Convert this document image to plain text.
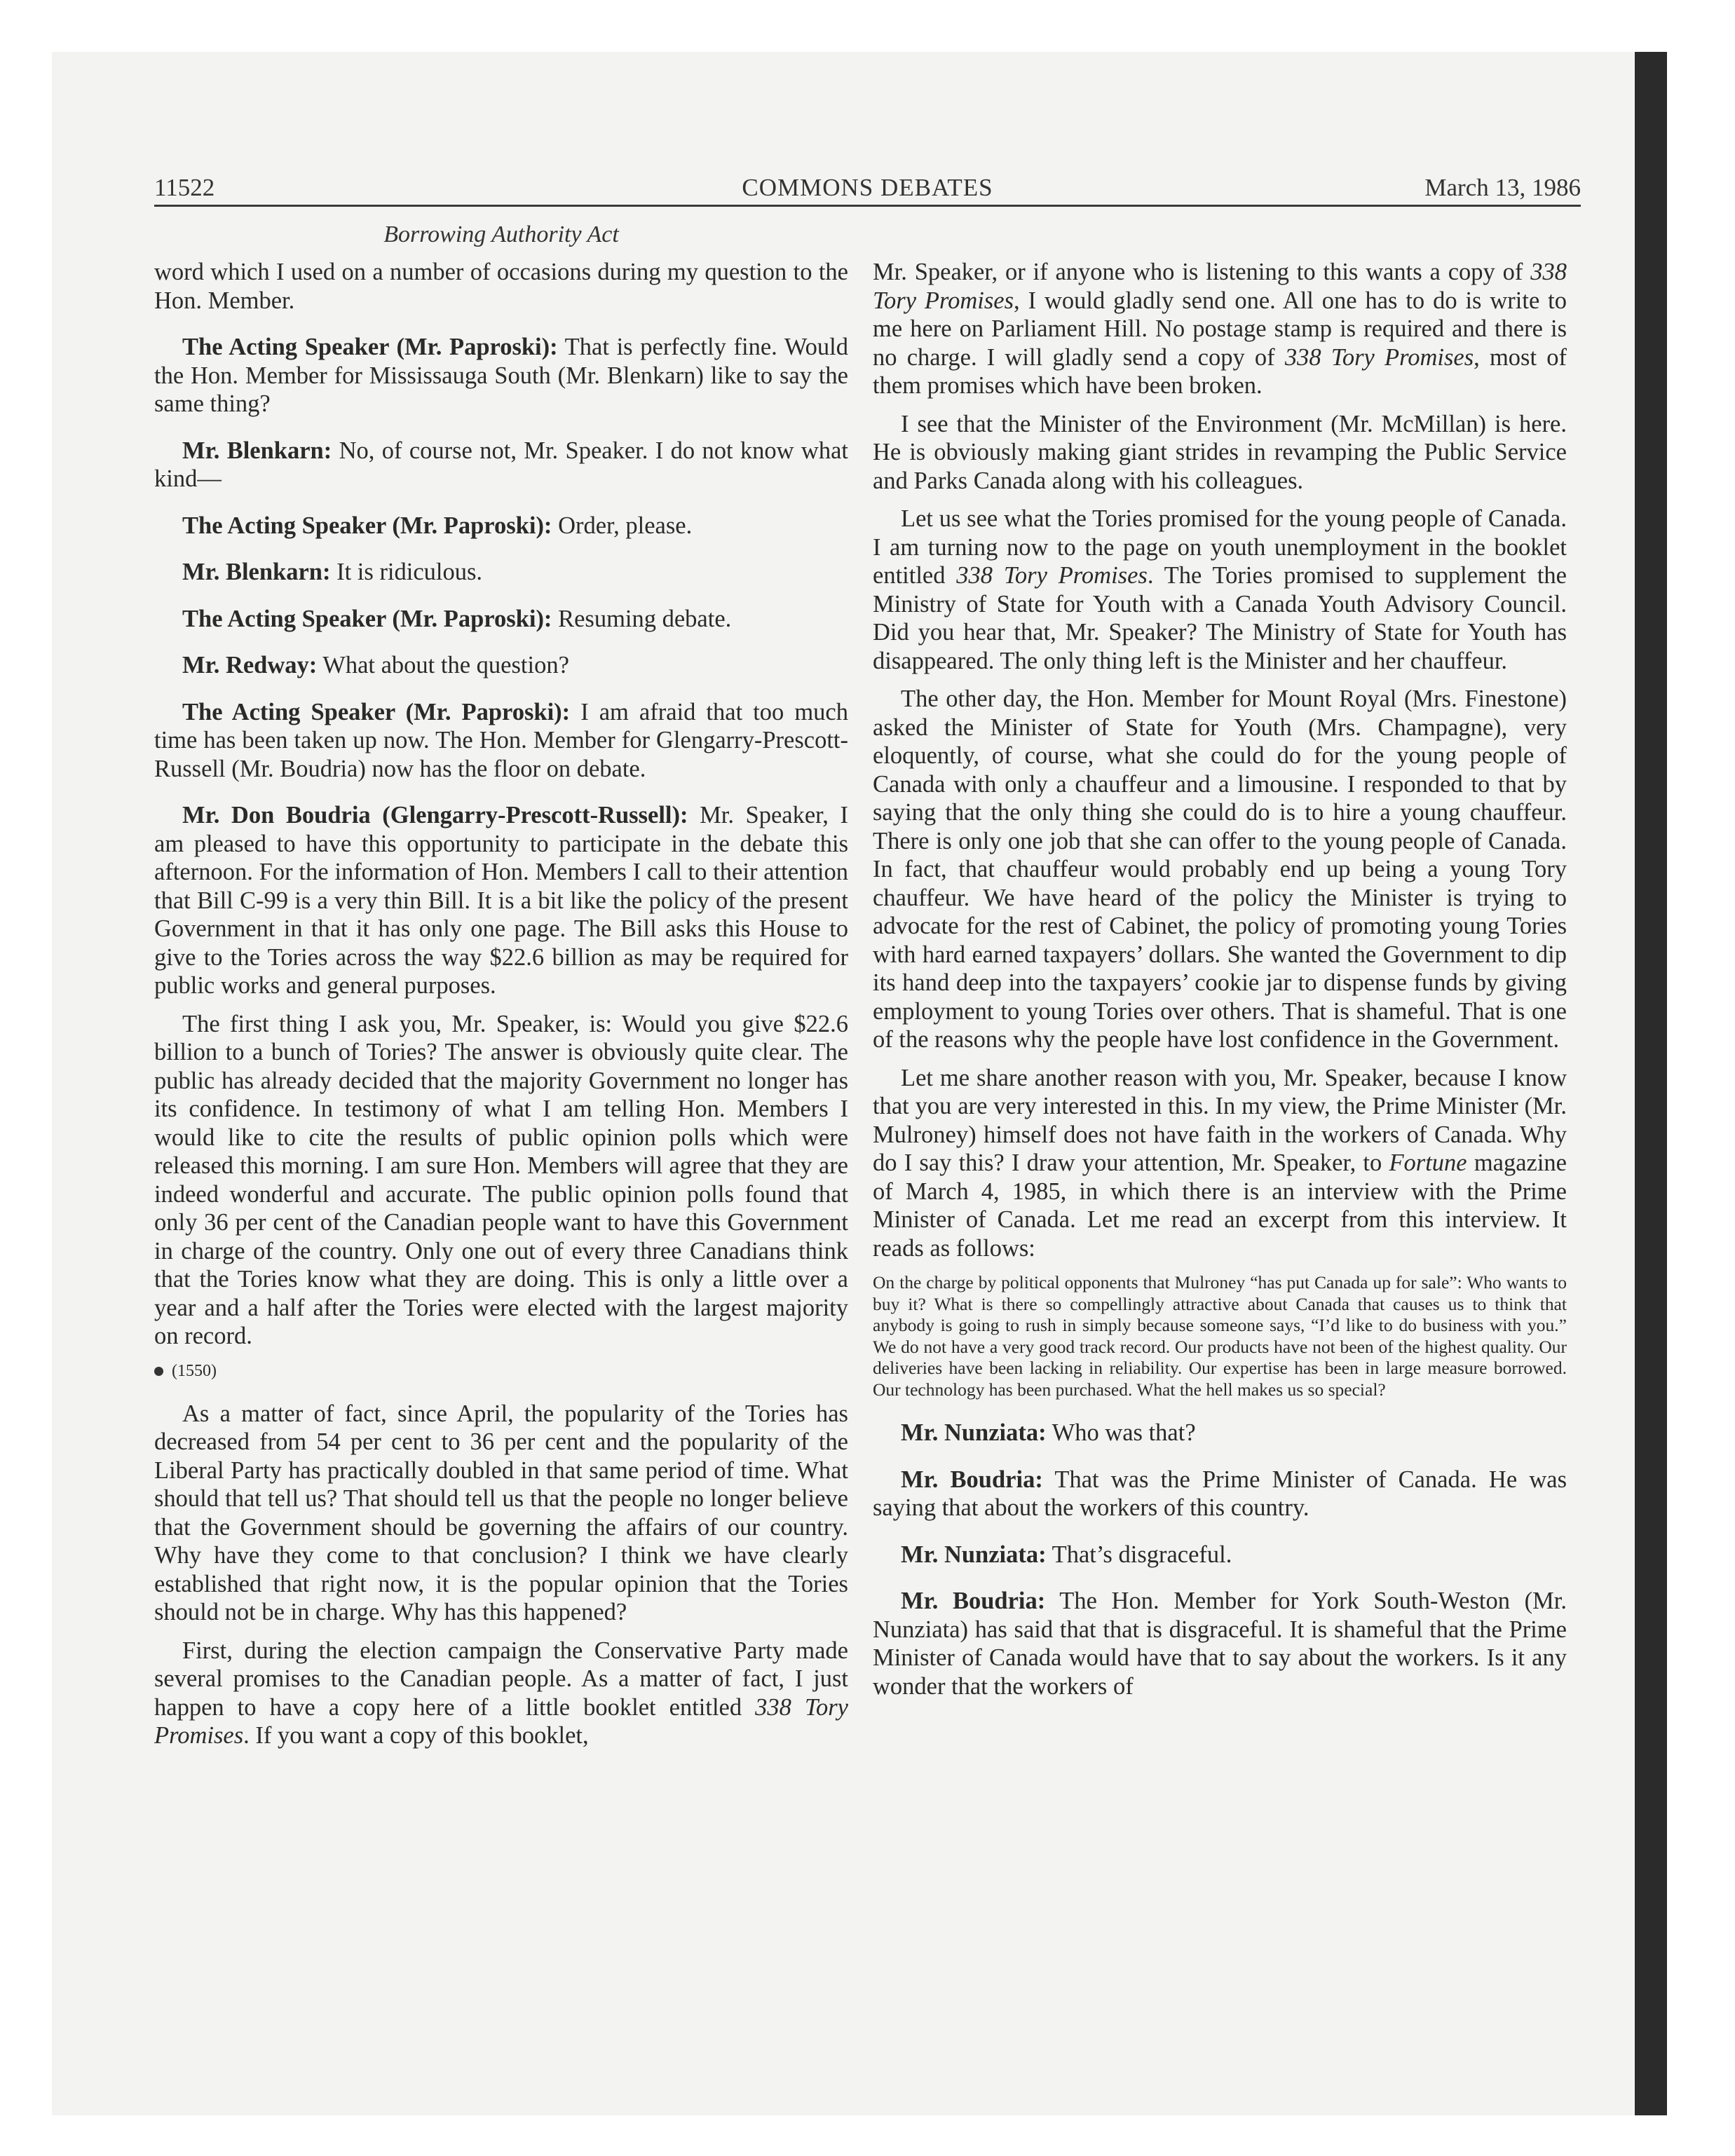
11522	COMMONS DEBATES	March 13, 1986
Borrowing Authority Act

word which I used on a number of occasions during my question to the Hon. Member.

The Acting Speaker (Mr. Paproski): That is perfectly fine. Would the Hon. Member for Mississauga South (Mr. Blenkarn) like to say the same thing?

Mr. Blenkarn: No, of course not, Mr. Speaker. I do not know what kind—

The Acting Speaker (Mr. Paproski): Order, please.

Mr. Blenkarn: It is ridiculous.

The Acting Speaker (Mr. Paproski): Resuming debate.

Mr. Redway: What about the question?

The Acting Speaker (Mr. Paproski): I am afraid that too much time has been taken up now. The Hon. Member for Glengarry-Prescott-Russell (Mr. Boudria) now has the floor on debate.

Mr. Don Boudria (Glengarry-Prescott-Russell): Mr. Speaker, I am pleased to have this opportunity to participate in the debate this afternoon. For the information of Hon. Members I call to their attention that Bill C-99 is a very thin Bill. It is a bit like the policy of the present Government in that it has only one page. The Bill asks this House to give to the Tories across the way $22.6 billion as may be required for public works and general purposes.

The first thing I ask you, Mr. Speaker, is: Would you give $22.6 billion to a bunch of Tories? The answer is obviously quite clear. The public has already decided that the majority Government no longer has its confidence. In testimony of what I am telling Hon. Members I would like to cite the results of public opinion polls which were released this morning. I am sure Hon. Members will agree that they are indeed wonderful and accurate. The public opinion polls found that only 36 per cent of the Canadian people want to have this Government in charge of the country. Only one out of every three Canadians think that the Tories know what they are doing. This is only a little over a year and a half after the Tories were elected with the largest majority on record.

(1550)

As a matter of fact, since April, the popularity of the Tories has decreased from 54 per cent to 36 per cent and the popularity of the Liberal Party has practically doubled in that same period of time. What should that tell us? That should tell us that the people no longer believe that the Government should be governing the affairs of our country. Why have they come to that conclusion? I think we have clearly established that right now, it is the popular opinion that the Tories should not be in charge. Why has this happened?

First, during the election campaign the Conservative Party made several promises to the Canadian people. As a matter of fact, I just happen to have a copy here of a little booklet entitled 338 Tory Promises. If you want a copy of this booklet,

Mr. Speaker, or if anyone who is listening to this wants a copy of 338 Tory Promises, I would gladly send one. All one has to do is write to me here on Parliament Hill. No postage stamp is required and there is no charge. I will gladly send a copy of 338 Tory Promises, most of them promises which have been broken.

I see that the Minister of the Environment (Mr. McMillan) is here. He is obviously making giant strides in revamping the Public Service and Parks Canada along with his colleagues.

Let us see what the Tories promised for the young people of Canada. I am turning now to the page on youth unemployment in the booklet entitled 338 Tory Promises. The Tories promised to supplement the Ministry of State for Youth with a Canada Youth Advisory Council. Did you hear that, Mr. Speaker? The Ministry of State for Youth has disappeared. The only thing left is the Minister and her chauffeur.

The other day, the Hon. Member for Mount Royal (Mrs. Finestone) asked the Minister of State for Youth (Mrs. Champagne), very eloquently, of course, what she could do for the young people of Canada with only a chauffeur and a limousine. I responded to that by saying that the only thing she could do is to hire a young chauffeur. There is only one job that she can offer to the young people of Canada. In fact, that chauffeur would probably end up being a young Tory chauffeur. We have heard of the policy the Minister is trying to advocate for the rest of Cabinet, the policy of promoting young Tories with hard earned taxpayers’ dollars. She wanted the Government to dip its hand deep into the taxpayers’ cookie jar to dispense funds by giving employment to young Tories over others. That is shameful. That is one of the reasons why the people have lost confidence in the Government.

Let me share another reason with you, Mr. Speaker, because I know that you are very interested in this. In my view, the Prime Minister (Mr. Mulroney) himself does not have faith in the workers of Canada. Why do I say this? I draw your attention, Mr. Speaker, to Fortune magazine of March 4, 1985, in which there is an interview with the Prime Minister of Canada. Let me read an excerpt from this interview. It reads as follows:

On the charge by political opponents that Mulroney “has put Canada up for sale”: Who wants to buy it? What is there so compellingly attractive about Canada that causes us to think that anybody is going to rush in simply because someone says, “I’d like to do business with you.” We do not have a very good track record. Our products have not been of the highest quality. Our deliveries have been lacking in reliability. Our expertise has been in large measure borrowed. Our technology has been purchased. What the hell makes us so special?

Mr. Nunziata: Who was that?

Mr. Boudria: That was the Prime Minister of Canada. He was saying that about the workers of this country.

Mr. Nunziata: That’s disgraceful.

Mr. Boudria: The Hon. Member for York South-Weston (Mr. Nunziata) has said that that is disgraceful. It is shameful that the Prime Minister of Canada would have that to say about the workers. Is it any wonder that the workers of
